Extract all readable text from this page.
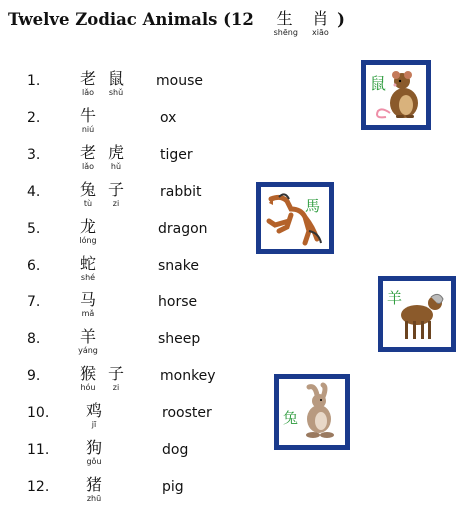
Twelve Zodiac Animals (12 生
shēng

肖
xiāo
)
1. 老
lǎo
鼠
shǔ
mouse
2. 牛
niú
ox
3. 老
lǎo
虎
hǔ
tiger
4. 兔
tù
子
zi
rabbit
5. 龙
lóng
dragon
6. 蛇
shé
snake
7. 马
mǎ
horse
8. 羊
yáng
sheep
9. 猴
hóu
子
zi
monkey
10. 鸡
jī
rooster
11. 狗
gǒu
dog
12. 猪
zhū
pig
鼠
馬
羊
兔
